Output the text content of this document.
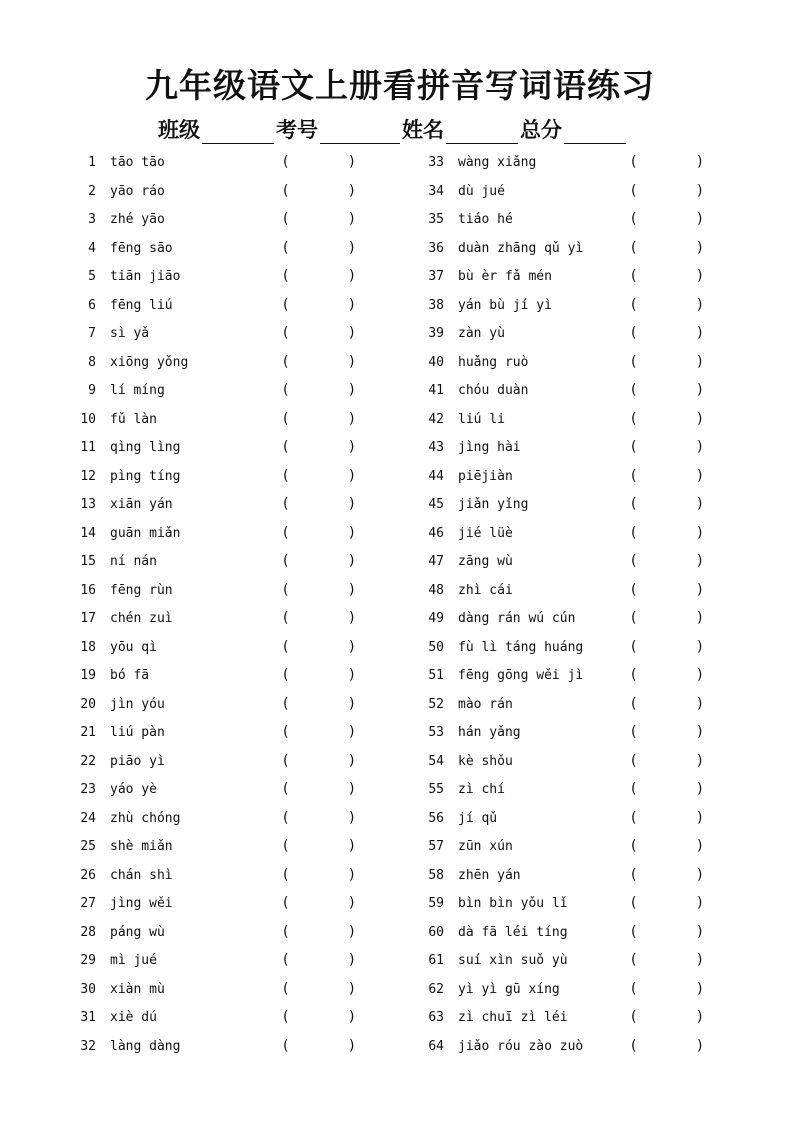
九年级语文上册看拼音写词语练习
班级	考号	姓名	总分
1 tāo tāo	(	)
2 yāo ráo	(	)
3 zhé yāo	(	)
4 fēng sāo	(	)
5 tiān jiāo	(	)
6 fēng liú	(	)
7 sì yǎ	(	)
8 xiōng yǒng	(	)
9 lí míng	(	)
10 fǔ làn	(	)
11 qìng lìng	(	)
12 pìng tíng	(	)
13 xiān yán	(	)
14 guān miǎn	(	)
15 ní nán	(	)
16 fēng rùn	(	)
17 chén zuì	(	)
18 yōu qì	(	)
19 bó fā	(	)
20 jìn yóu	(	)
21 liú pàn	(	)
22 piāo yì	(	)
23 yáo yè	(	)
24 zhù chóng	(	)
25 shè miǎn	(	)
26 chán shì	(	)
27 jìng wěi	(	)
28 páng wù	(	)
29 mì jué	(	)
30 xiàn mù	(	)
31 xiè dú	(	)
32 làng dàng	(	)
33 wàng xiǎng	(	)
34 dù jué	(	)
35 tiáo hé	(	)
36 duàn zhāng qǔ yì	(	)
37 bù èr fǎ mén	(	)
38 yán bù jí yì	(	)
39 zàn yù	(	)
40 huǎng ruò	(	)
41 chóu duàn	(	)
42 liú li	(	)
43 jìng hài	(	)
44 piējiàn	(	)
45 jiǎn yǐng	(	)
46 jié lüè	(	)
47 zāng wù	(	)
48 zhì cái	(	)
49 dàng rán wú cún	(	)
50 fù lì táng huáng	(	)
51 fēng gōng wěi jì	(	)
52 mào rán	(	)
53 hán yǎng	(	)
54 kè shǒu	(	)
55 zì chí	(	)
56 jí qǔ	(	)
57 zūn xún	(	)
58 zhēn yán	(	)
59 bìn bìn yǒu lǐ	(	)
60 dà fā léi tíng	(	)
61 suí xìn suǒ yù	(	)
62 yì yì gū xíng	(	)
63 zì chuī zì léi	(	)
64 jiǎo róu zào zuò	(	)
